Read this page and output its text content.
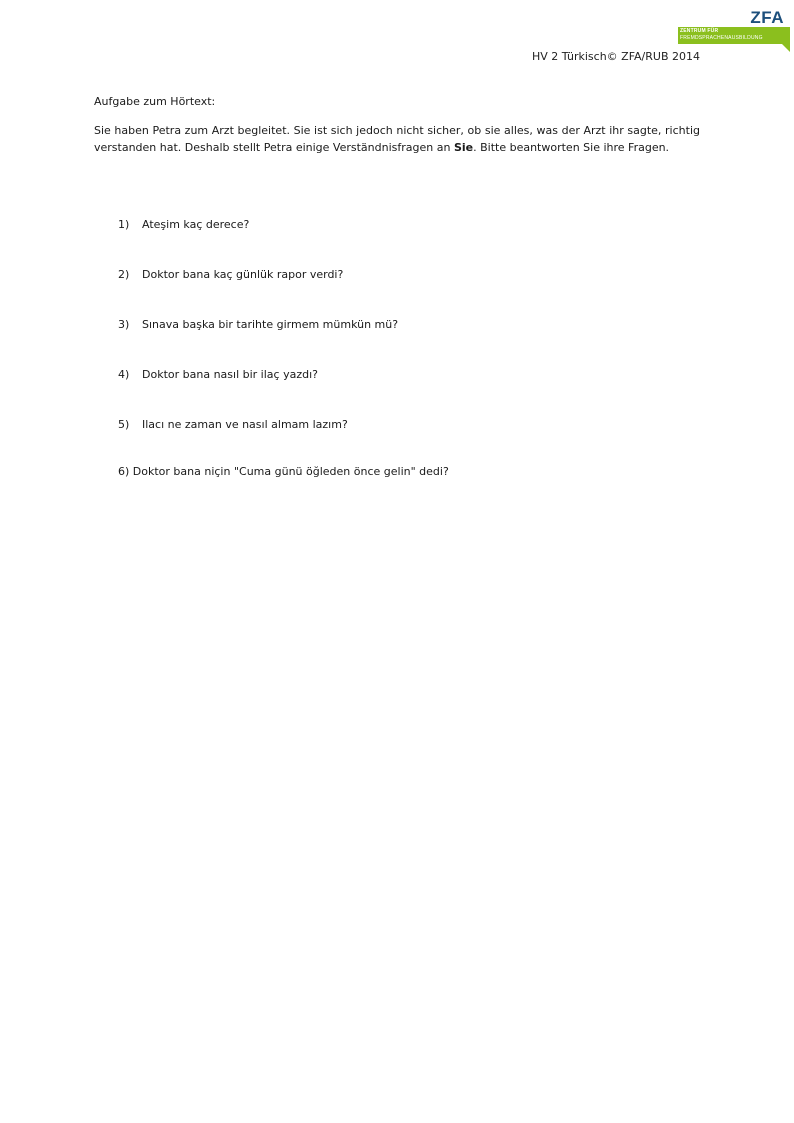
ZFA
ZENTRUM FÜR
FREMDSPRACHENAUSBILDUNG
HV 2 Türkisch© ZFA/RUB 2014

Aufgabe zum Hörtext:

Sie haben Petra zum Arzt begleitet. Sie ist sich jedoch nicht sicher, ob sie alles, was der Arzt ihr sagte, richtig verstanden hat. Deshalb stellt Petra einige Verständnisfragen an Sie. Bitte beantworten Sie ihre Fragen.

1)	Ateşim kaç derece?
2)	Doktor bana kaç günlük rapor verdi?
3)	Sınava başka bir tarihte girmem mümkün mü?
4)	Doktor bana nasıl bir ilaç yazdı?
5)	Ilacı ne zaman ve nasıl almam lazım?
6) Doktor bana niçin "Cuma günü öğleden önce gelin" dedi?
